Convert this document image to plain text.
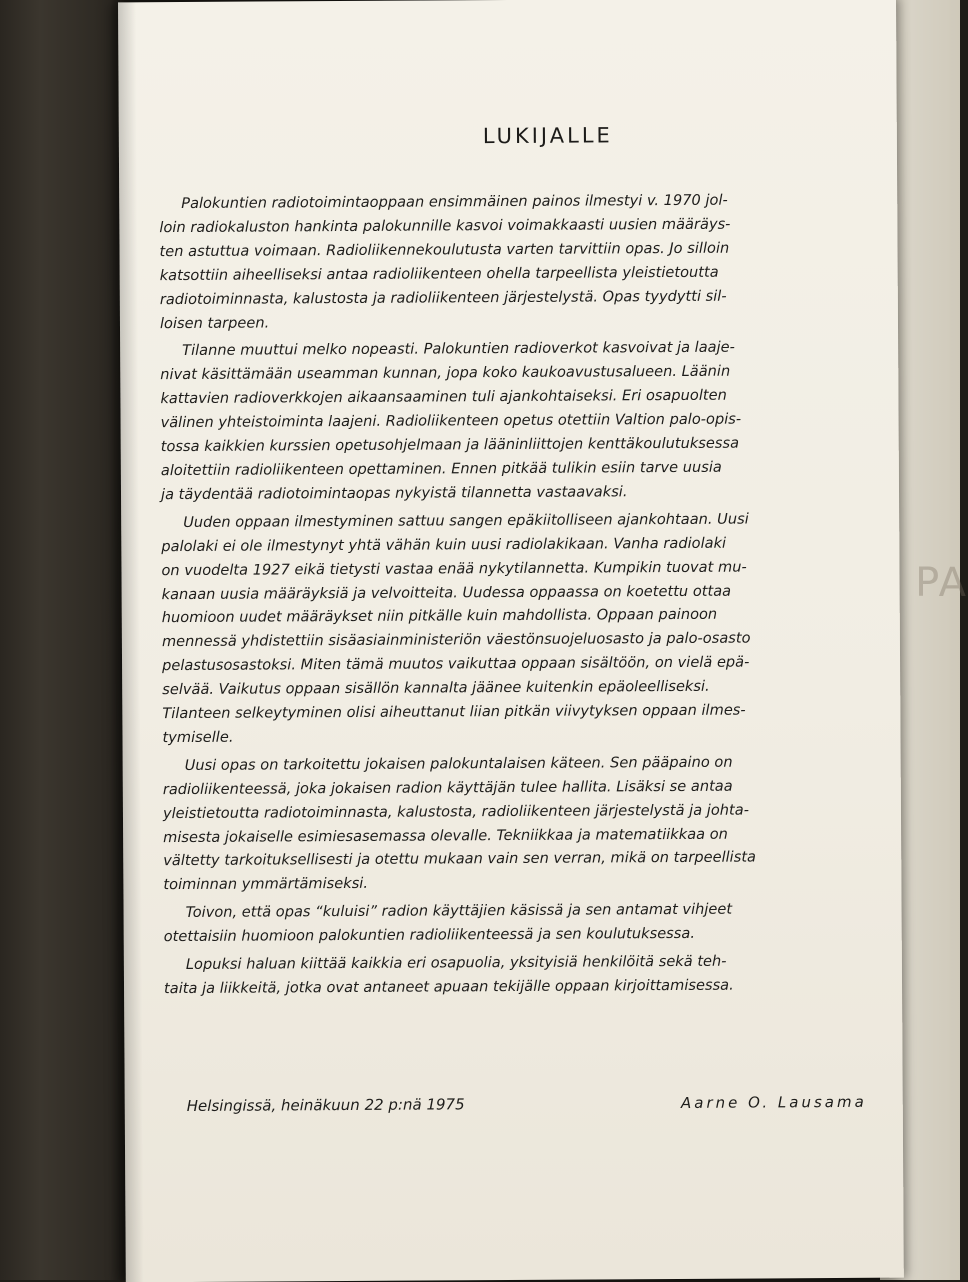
PA
LUKIJALLE

Palokuntien radiotoimintaoppaan ensimmäinen painos ilmestyi v. 1970 jol-
loin radiokaluston hankinta palokunnille kasvoi voimakkaasti uusien määräys-
ten astuttua voimaan. Radioliikennekoulutusta varten tarvittiin opas. Jo silloin
katsottiin aiheelliseksi antaa radioliikenteen ohella tarpeellista yleistietoutta
radiotoiminnasta, kalustosta ja radioliikenteen järjestelystä. Opas tyydytti sil-
loisen tarpeen.

Tilanne muuttui melko nopeasti. Palokuntien radioverkot kasvoivat ja laaje-
nivat käsittämään useamman kunnan, jopa koko kaukoavustusalueen. Läänin
kattavien radioverkkojen aikaansaaminen tuli ajankohtaiseksi. Eri osapuolten
välinen yhteistoiminta laajeni. Radioliikenteen opetus otettiin Valtion palo-opis-
tossa kaikkien kurssien opetusohjelmaan ja lääninliittojen kenttäkoulutuksessa
aloitettiin radioliikenteen opettaminen. Ennen pitkää tulikin esiin tarve uusia
ja täydentää radiotoimintaopas nykyistä tilannetta vastaavaksi.

Uuden oppaan ilmestyminen sattuu sangen epäkiitolliseen ajankohtaan. Uusi
palolaki ei ole ilmestynyt yhtä vähän kuin uusi radiolakikaan. Vanha radiolaki
on vuodelta 1927 eikä tietysti vastaa enää nykytilannetta. Kumpikin tuovat mu-
kanaan uusia määräyksiä ja velvoitteita. Uudessa oppaassa on koetettu ottaa
huomioon uudet määräykset niin pitkälle kuin mahdollista. Oppaan painoon
mennessä yhdistettiin sisäasiainministeriön väestönsuojeluosasto ja palo-osasto
pelastusosastoksi. Miten tämä muutos vaikuttaa oppaan sisältöön, on vielä epä-
selvää. Vaikutus oppaan sisällön kannalta jäänee kuitenkin epäoleelliseksi.
Tilanteen selkeytyminen olisi aiheuttanut liian pitkän viivytyksen oppaan ilmes-
tymiselle.

Uusi opas on tarkoitettu jokaisen palokuntalaisen käteen. Sen pääpaino on
radioliikenteessä, joka jokaisen radion käyttäjän tulee hallita. Lisäksi se antaa
yleistietoutta radiotoiminnasta, kalustosta, radioliikenteen järjestelystä ja johta-
misesta jokaiselle esimiesasemassa olevalle. Tekniikkaa ja matematiikkaa on
vältetty tarkoituksellisesti ja otettu mukaan vain sen verran, mikä on tarpeellista
toiminnan ymmärtämiseksi.

Toivon, että opas “kuluisi” radion käyttäjien käsissä ja sen antamat vihjeet
otettaisiin huomioon palokuntien radioliikenteessä ja sen koulutuksessa.

Lopuksi haluan kiittää kaikkia eri osapuolia, yksityisiä henkilöitä sekä teh-
taita ja liikkeitä, jotka ovat antaneet apuaan tekijälle oppaan kirjoittamisessa.

Helsingissä, heinäkuun 22 p:nä 1975	Aarne O. Lausama
